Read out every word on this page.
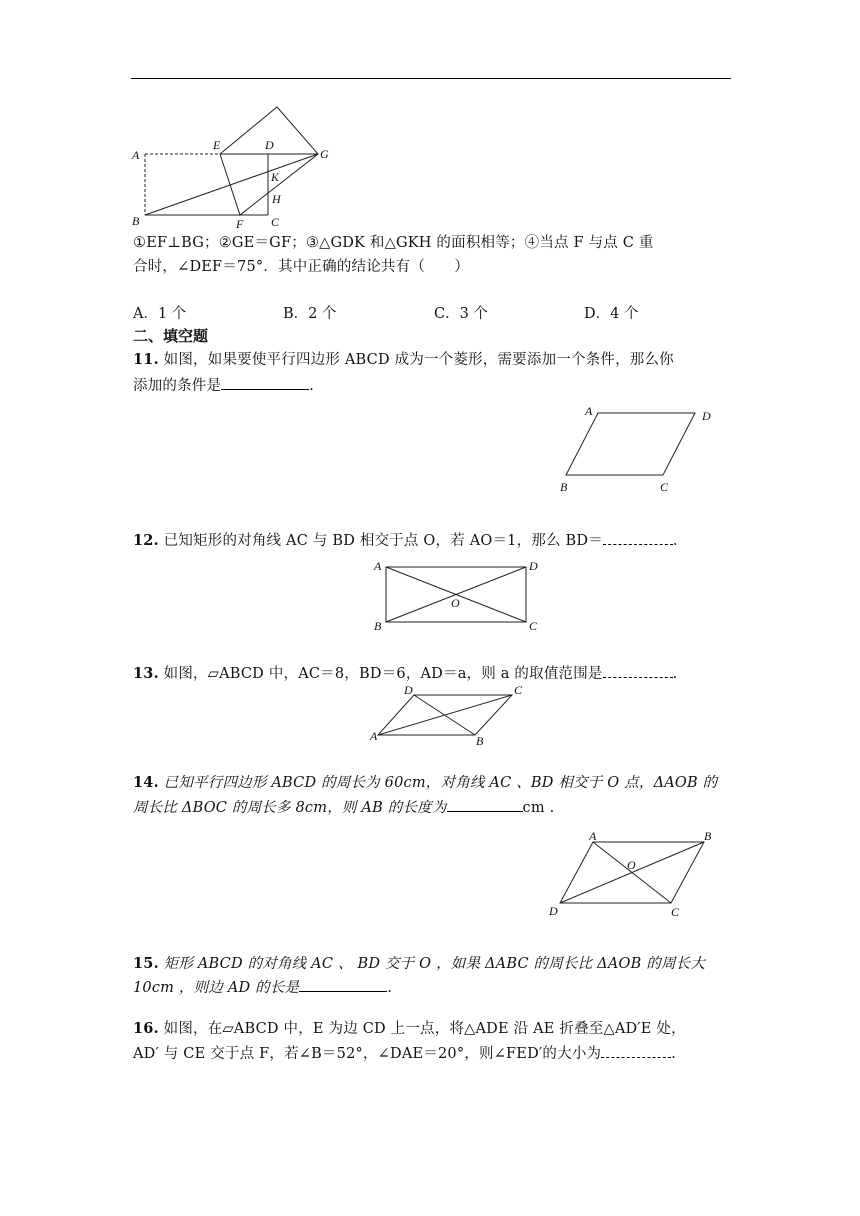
A
B	C
D
E
F
G
H
K
①EF⊥BG；②GE＝GF；③△GDK 和△GKH 的面积相等；④当点 F 与点 C 重
合时，∠DEF＝75°．其中正确的结论共有（　　）
A．1 个	B．2 个	C．3 个	D．4 个
二、填空题
11. 如图，如果要使平行四边形 ABCD 成为一个菱形，需要添加一个条件，那么你
添加的条件是	.
A	D
B	C
12. 已知矩形的对角线 AC 与 BD 相交于点 O，若 AO＝1，那么 BD＝	.
A	D
B	C
O
13. 如图，▱ABCD 中，AC＝8，BD＝6，AD＝a，则 a 的取值范围是	.
D	C
A	B
14. 已知平行四边形 ABCD 的周长为 60cm，对角线 AC 、BD 相交于 O 点，ΔAOB 的
周长比 ΔBOC 的周长多 8cm，则 AB 的长度为	cm .
A	B
D	C
O
15. 矩形 ABCD 的对角线 AC 、 BD 交于 O ，如果 ΔABC 的周长比 ΔAOB 的周长大
10cm ，则边 AD 的长是	.
16. 如图，在▱ABCD 中，E 为边 CD 上一点，将△ADE 沿 AE 折叠至△AD′E 处，
AD′ 与 CE 交于点 F，若∠B＝52°，∠DAE＝20°，则∠FED′的大小为	.
